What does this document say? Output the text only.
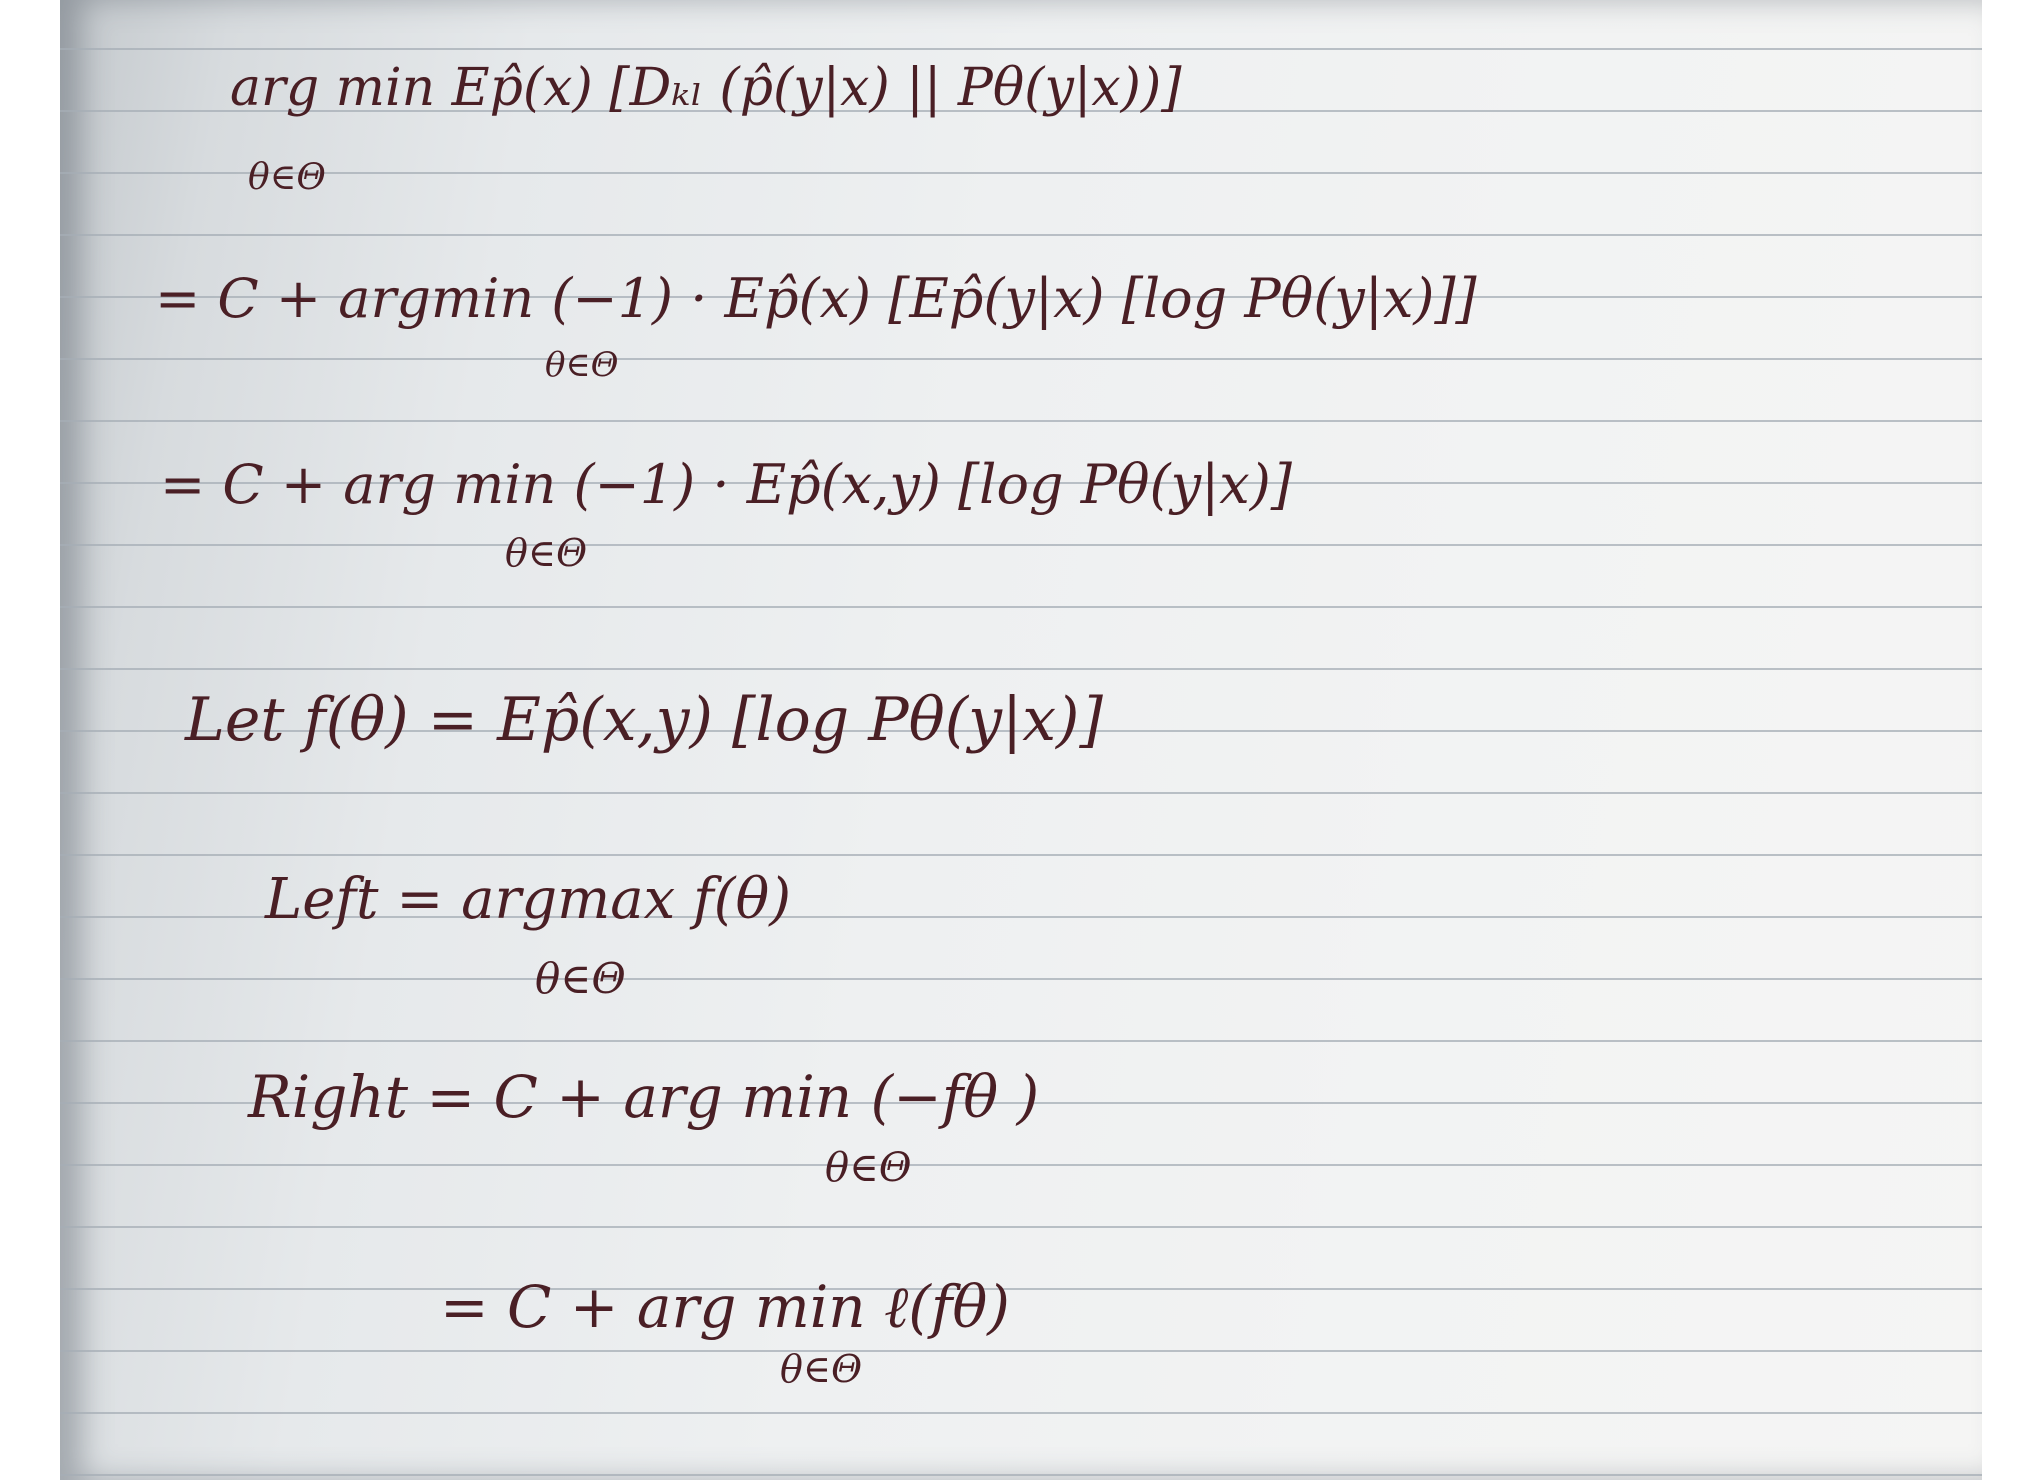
arg min Ep̂(x) [Dₖₗ (p̂(y|x) || Pθ(y|x))]
θ∈Θ
= C + argmin (−1) · Ep̂(x) [Ep̂(y|x) [log Pθ(y|x)]]
θ∈Θ
= C + arg min (−1) · Ep̂(x,y) [log Pθ(y|x)]
θ∈Θ
Let f(θ) = Ep̂(x,y) [log Pθ(y|x)]
Left = argmax f(θ)
θ∈Θ
Right = C + arg min (−fθ )
θ∈Θ
= C + arg min ℓ(fθ)
θ∈Θ
